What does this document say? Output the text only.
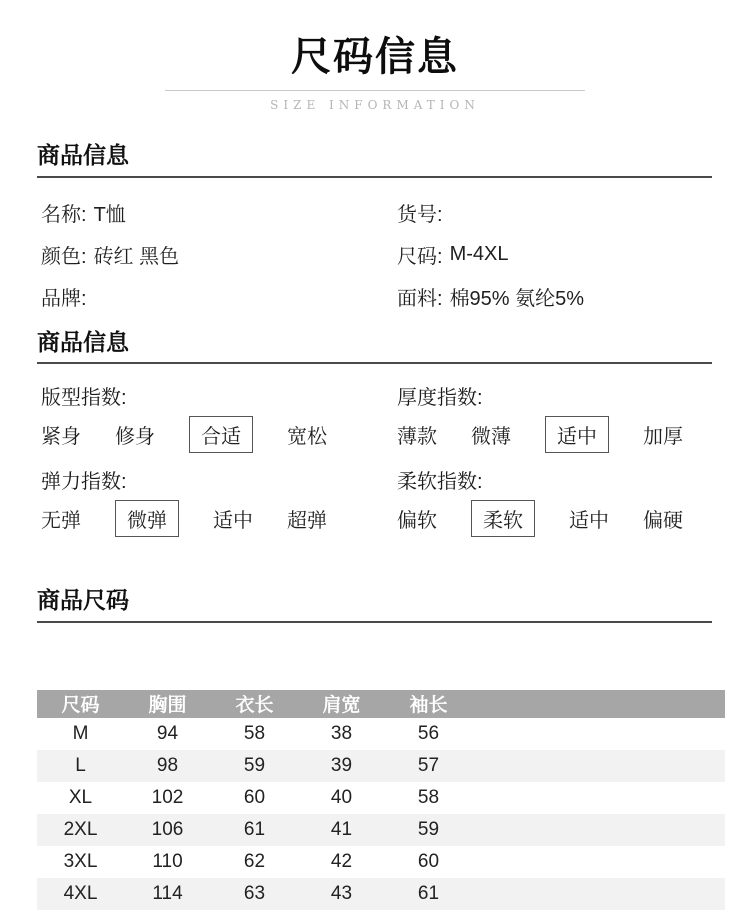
尺码信息
SIZE INFORMATION
商品信息
名称: T恤	货号:
颜色: 砖红 黑色	尺码: M-4XL
品牌:	面料: 棉95% 氨纶5%
商品信息
版型指数:
紧身 修身	合适	宽松
厚度指数:
薄款 微薄	适中	加厚
弹力指数:
无弹	微弹	适中 超弹
柔软指数:
偏软	柔软	适中 偏硬
商品尺码
尺码	胸围	衣长	肩宽	袖长	
M	94	58	38	56	
L	98	59	39	57	
XL	102	60	40	58	
2XL	106	61	41	59	
3XL	110	62	42	60	
4XL	114	63	43	61	
